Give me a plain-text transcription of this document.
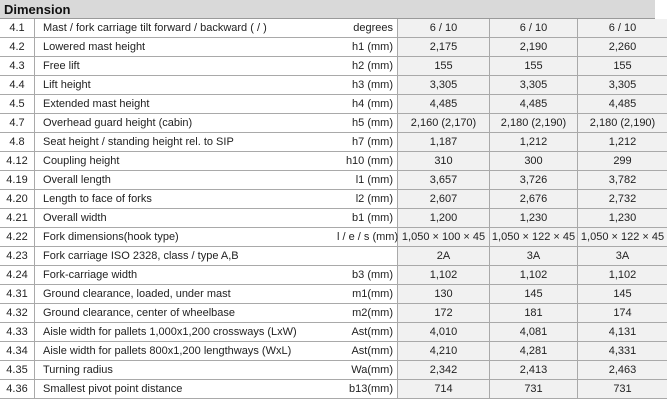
Dimension
4.1	Mast / fork carriage tilt forward / backward ( / )	degrees	6 / 10	6 / 10	6 / 10
4.2	Lowered mast height	h1 (mm)	2,175	2,190	2,260
4.3	Free lift	h2 (mm)	155	155	155
4.4	Lift height	h3 (mm)	3,305	3,305	3,305
4.5	Extended mast height	h4 (mm)	4,485	4,485	4,485
4.7	Overhead guard height (cabin)	h5 (mm)	2,160 (2,170)	2,180 (2,190)	2,180 (2,190)
4.8	Seat height / standing height rel. to SIP	h7 (mm)	1,187	1,212	1,212
4.12	Coupling height	h10 (mm)	310	300	299
4.19	Overall length	l1 (mm)	3,657	3,726	3,782
4.20	Length to face of forks	l2 (mm)	2,607	2,676	2,732
4.21	Overall width	b1 (mm)	1,200	1,230	1,230
4.22	Fork dimensions(hook type)	l / e / s (mm)	1,050 × 100 × 45	1,050 × 122 × 45	1,050 × 122 × 45
4.23	Fork carriage ISO 2328, class / type A,B		2A	3A	3A
4.24	Fork-carriage width	b3 (mm)	1,102	1,102	1,102
4.31	Ground clearance, loaded, under mast	m1(mm)	130	145	145
4.32	Ground clearance, center of wheelbase	m2(mm)	172	181	174
4.33	Aisle width for pallets 1,000x1,200 crossways (LxW)	Ast(mm)	4,010	4,081	4,131
4.34	Aisle width for pallets 800x1,200 lengthways (WxL)	Ast(mm)	4,210	4,281	4,331
4.35	Turning radius	Wa(mm)	2,342	2,413	2,463
4.36	Smallest pivot point distance	b13(mm)	714	731	731
